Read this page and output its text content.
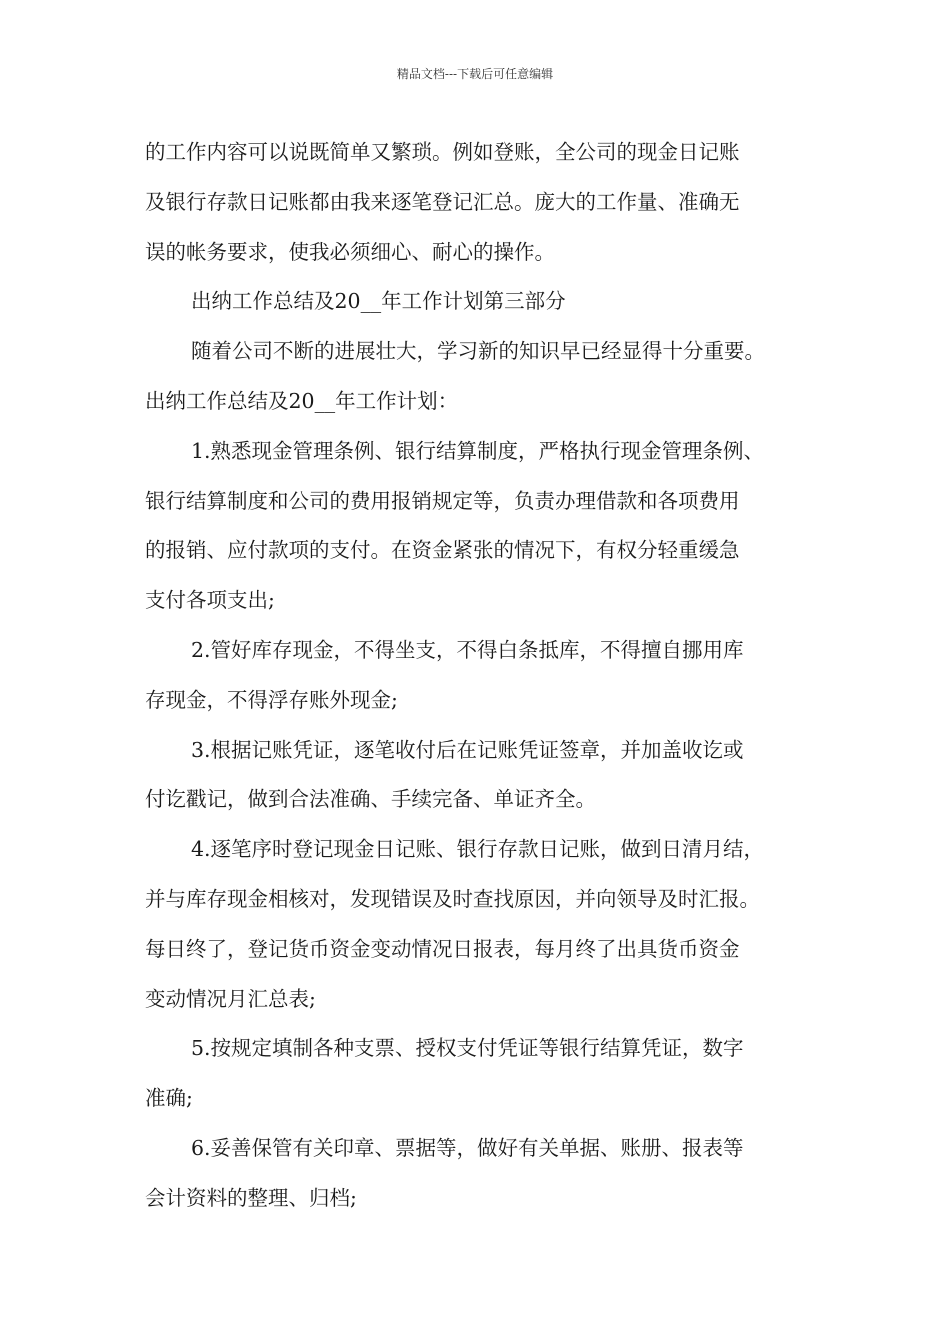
精品文档---下载后可任意编辑

的工作内容可以说既简单又繁琐。例如登账，全公司的现金日记账

及银行存款日记账都由我来逐笔登记汇总。庞大的工作量、准确无

误的帐务要求，使我必须细心、耐心的操作。

出纳工作总结及20__年工作计划第三部分

随着公司不断的进展壮大，学习新的知识早已经显得十分重要。

出纳工作总结及20__年工作计划：

1.熟悉现金管理条例、银行结算制度，严格执行现金管理条例、

银行结算制度和公司的费用报销规定等，负责办理借款和各项费用

的报销、应付款项的支付。在资金紧张的情况下，有权分轻重缓急

支付各项支出;

2.管好库存现金，不得坐支，不得白条抵库，不得擅自挪用库

存现金，不得浮存账外现金;

3.根据记账凭证，逐笔收付后在记账凭证签章，并加盖收讫或

付讫戳记，做到合法准确、手续完备、单证齐全。

4.逐笔序时登记现金日记账、银行存款日记账，做到日清月结，

并与库存现金相核对，发现错误及时查找原因，并向领导及时汇报。

每日终了，登记货币资金变动情况日报表，每月终了出具货币资金

变动情况月汇总表;

5.按规定填制各种支票、授权支付凭证等银行结算凭证，数字

准确;

6.妥善保管有关印章、票据等，做好有关单据、账册、报表等

会计资料的整理、归档;
